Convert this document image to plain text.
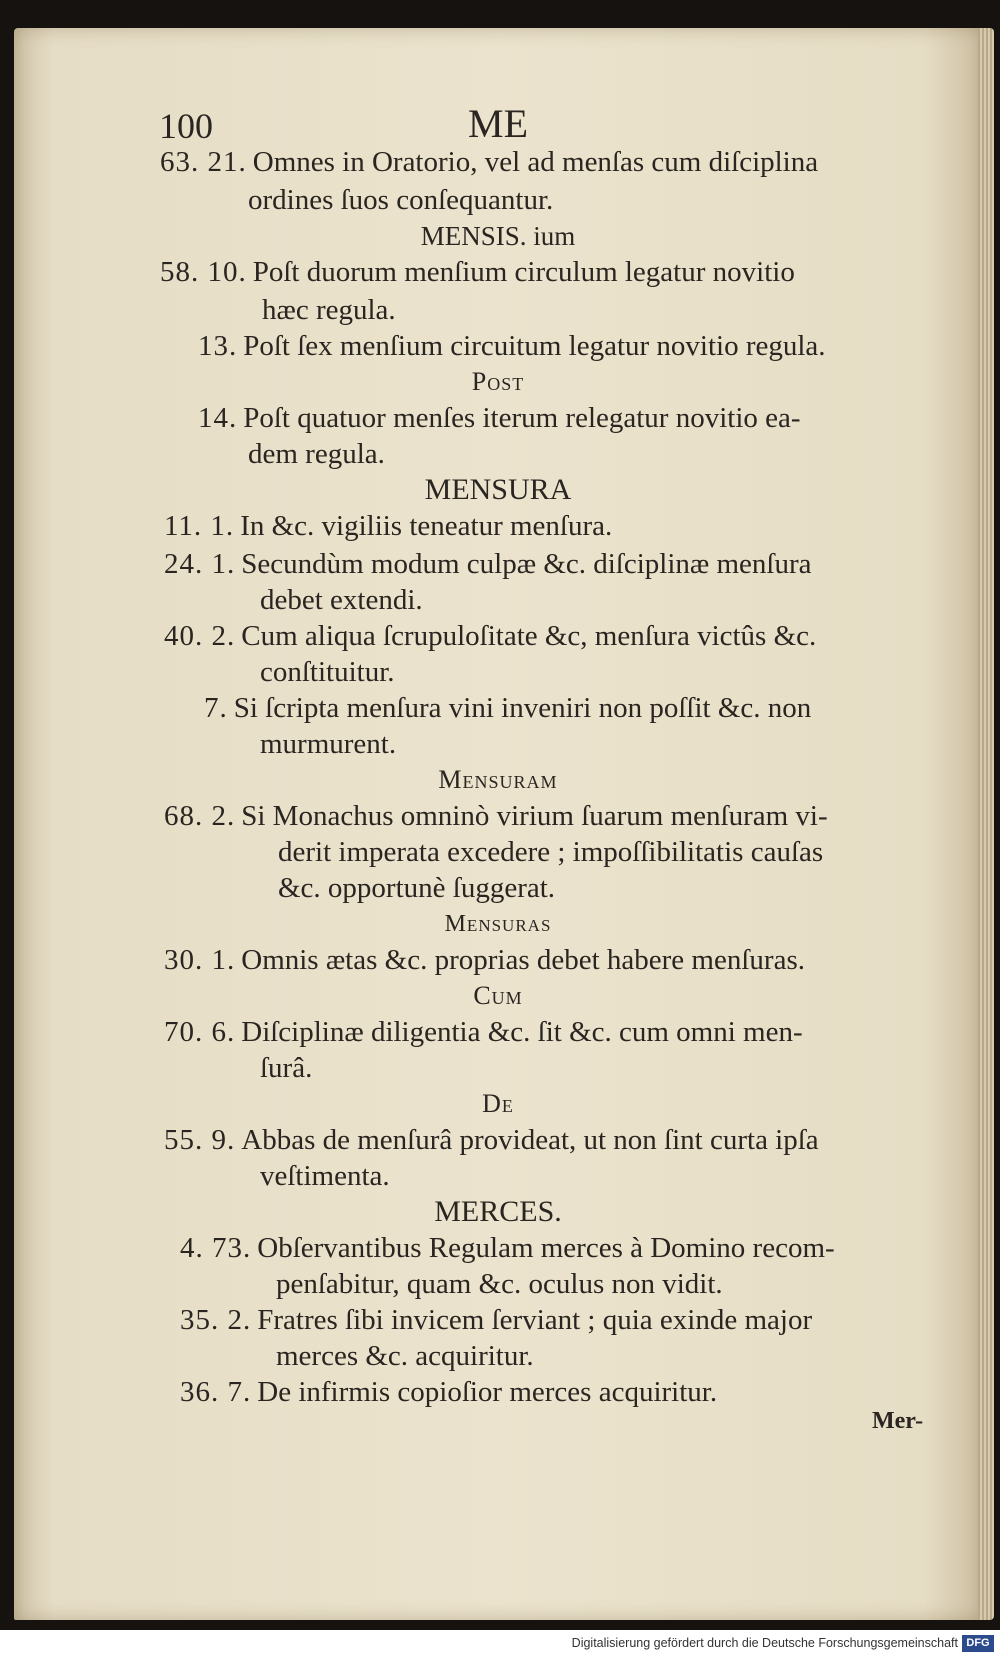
100	ME
63. 21. Omnes in Oratorio, vel ad menſas cum diſciplina
ordines ſuos conſequantur.
MENSIS. ium
58. 10. Poſt duorum menſium circulum legatur novitio
hæc regula.
13. Poſt ſex menſium circuitum legatur novitio regula.
Post
14. Poſt quatuor menſes iterum relegatur novitio ea-
dem regula.
MENSURA
11. 1. In &c. vigiliis teneatur menſura.
24. 1. Secundùm modum culpæ &c. diſciplinæ menſura
debet extendi.
40. 2. Cum aliqua ſcrupuloſitate &c, menſura victûs &c.
conſtituitur.
7. Si ſcripta menſura vini inveniri non poſſit &c. non
murmurent.
Mensuram
68. 2. Si Monachus omninò virium ſuarum menſuram vi-
derit imperata excedere ; impoſſibilitatis cauſas
&c. opportunè ſuggerat.
Mensuras
30. 1. Omnis ætas &c. proprias debet habere menſuras.
Cum
70. 6. Diſciplinæ diligentia &c. ſit &c. cum omni men-
ſurâ.
De
55. 9. Abbas de menſurâ provideat, ut non ſint curta ipſa
veſtimenta.
MERCES.
4. 73. Obſervantibus Regulam merces à Domino recom-
penſabitur, quam &c. oculus non vidit.
35. 2. Fratres ſibi invicem ſerviant ; quia exinde major
merces &c. acquiritur.
36. 7. De infirmis copioſior merces acquiritur.
Mer-
Digitalisierung gefördert durch die Deutsche Forschungsgemeinschaft DFG
